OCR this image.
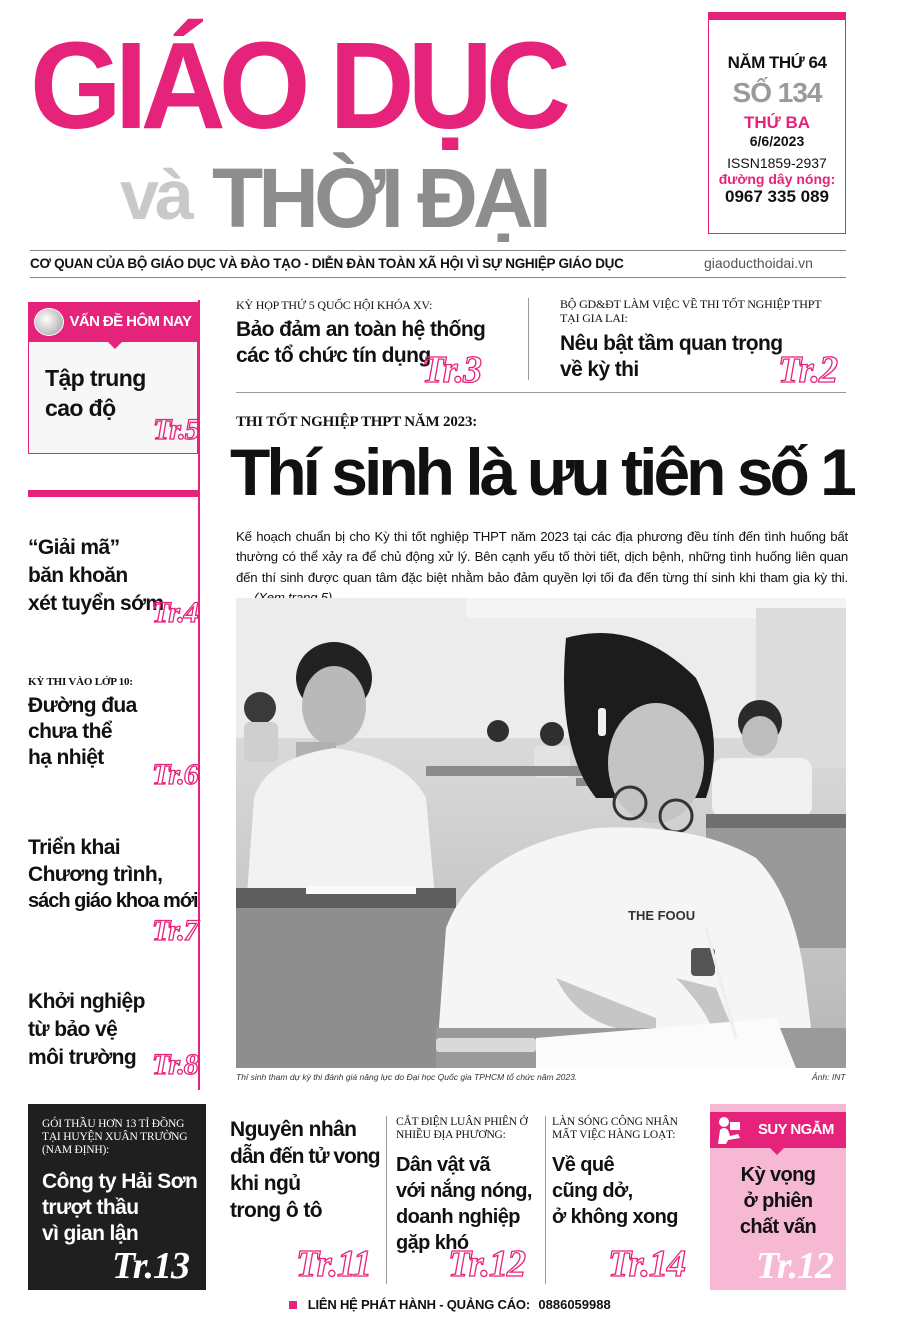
GIÁO DỤC
và THỜI ĐẠI
NĂM THỨ 64
SỐ 134
THỨ BA
6/6/2023
ISSN1859-2937
đường dây nóng:
0967 335 089
CƠ QUAN CỦA BỘ GIÁO DỤC VÀ ĐÀO TẠO - DIỄN ĐÀN TOÀN XÃ HỘI VÌ SỰ NGHIỆP GIÁO DỤC	giaoducthoidai.vn
VẤN ĐỀ HÔM NAY
Tập trung
cao độ
Tr.5
“Giải mã”
băn khoăn
xét tuyển sớm
Tr.4
KỲ THI VÀO LỚP 10:
Đường đua
chưa thể
hạ nhiệt
Tr.6
Triển khai
Chương trình,
sách giáo khoa mới
Tr.7
Khởi nghiệp
từ bảo vệ
môi trường Tr.8
KỲ HỌP THỨ 5 QUỐC HỘI KHÓA XV:
Bảo đảm an toàn hệ thống
các tổ chức tín dụng
Tr.3
BỘ GD&ĐT LÀM VIỆC VỀ THI TỐT NGHIỆP THPT TẠI GIA LAI:
Nêu bật tầm quan trọng
về kỳ thi	Tr.2
THI TỐT NGHIỆP THPT NĂM 2023:
Thí sinh là ưu tiên số 1
Kế hoạch chuẩn bị cho Kỳ thi tốt nghiệp THPT năm 2023 tại các địa phương đều tính đến tình huống bất thường có thể xảy ra để chủ động xử lý. Bên cạnh yếu tố thời tiết, dịch bệnh, những tình huống liên quan đến thí sinh được quan tâm đặc biệt nhằm bảo đảm quyền lợi tối đa đến từng thí sinh khi tham gia kỳ thi.
THE FOOU
Thí sinh tham dự kỳ thi đánh giá năng lực do Đại học Quốc gia TPHCM tổ chức năm 2023.	Ảnh: INT
GÓI THẦU HƠN 13 TỈ ĐỒNG TẠI HUYỆN XUÂN TRƯỜNG (NAM ĐỊNH):
Công ty Hải Sơn
trượt thầu
vì gian lận
Tr.13
Nguyên nhân
dẫn đến tử vong
khi ngủ
trong ô tô
Tr.11
CẮT ĐIỆN LUÂN PHIÊN Ở NHIỀU ĐỊA PHƯƠNG:
Dân vật vã
với nắng nóng,
doanh nghiệp
gặp khó
Tr.12
LÀN SÓNG CÔNG NHÂN MẤT VIỆC HÀNG LOẠT:
Về quê
cũng dở,
ở không xong
Tr.14
SUY NGẪM
Kỳ vọng
ở phiên
chất vấn
Tr.12
LIÊN HỆ PHÁT HÀNH - QUẢNG CÁO: 0886059988
